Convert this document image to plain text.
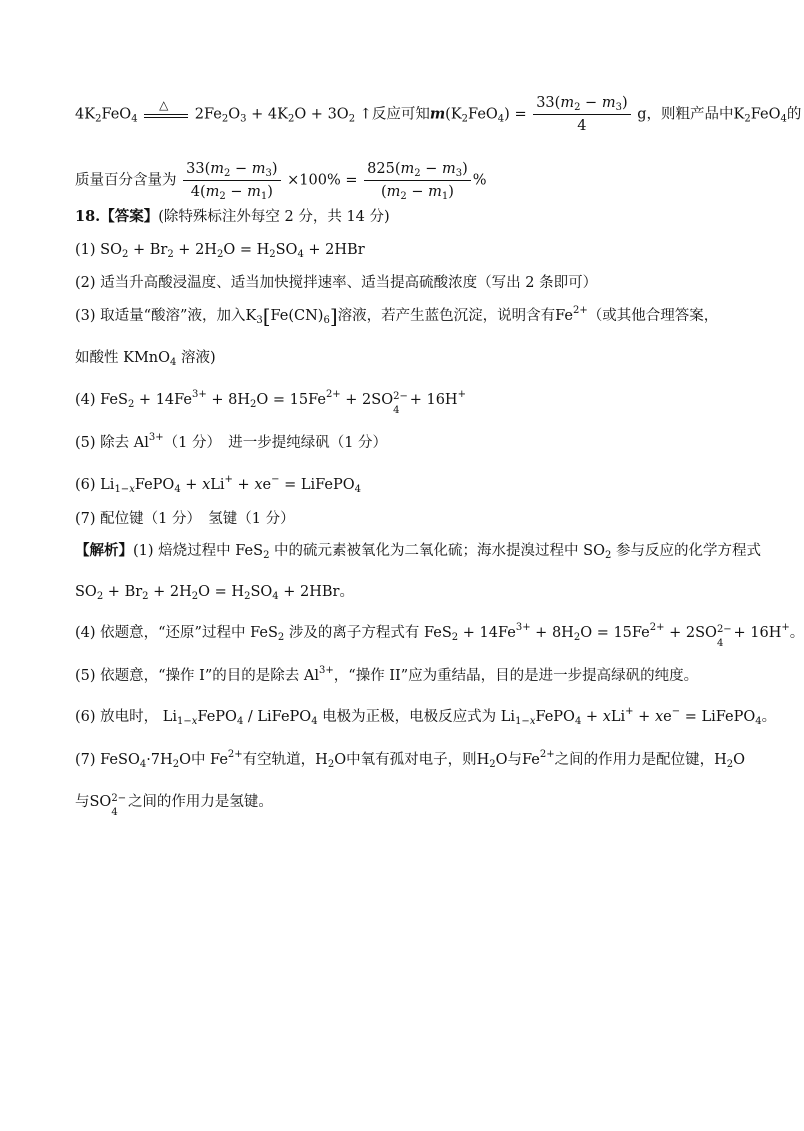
$4K_2FeO_4$
△
$2Fe_2O_3 + 4K_2O + 3O_2$ ↑反应可知$m(K_2FeO_4) = \frac{33(m_2 - m_3)}{4}$ g，则粗产品中$K_2FeO_4$的
质量百分含量为 $\frac{33(m_2 - m_3)}{4(m_2 - m_1)} \times 100\% = \frac{825(m_2 - m_3)}{(m_2 - m_1)}$ %
18.【答案】(除特殊标注外每空 2 分，共 14 分)
(1) $SO_2 + Br_2 + 2H_2O = H_2SO_4 + 2HBr$
(2) 适当升高酸浸温度、适当加快搅拌速率、适当提高硫酸浓度（写出 2 条即可）
(3) 取适量“酸溶”液，加入$K_3[Fe(CN)_6]$溶液，若产生蓝色沉淀，说明含有$Fe^{2+}$（或其他合理答案，
如酸性 KMnO$_4$ 溶液)
(4) $FeS_2 + 14Fe^{3+} + 8H_2O = 15Fe^{2+} + 2SO$ 2−
4
+ 16H+
(5) 除去 $Al^{3+}(1$ 分）　进一步提纯绿矾（1 分）
(6) $Li_{1-x}FePO_4 + xLi^+ + xe^-$ = LiFePO$_4$
(7) 配位键（1 分）　氢键（1 分）
【解析】(1) 焙烧过程中 FeS$_2$ 中的硫元素被氧化为二氧化硫；海水提溴过程中 $SO_2$ 参与反应的化学方程式
$SO_2 + Br_2 + 2H_2O = H_2SO_4 + 2HBr$。
(4) 依题意，“还原”过程中 FeS$_2$ 涉及的离子方程式有 $FeS_2 + 14Fe^{3+} + 8H_2O = 15Fe^{2+} + 2SO$ 2−
4
+ 16H+。
(5) 依题意，“操作 I”的目的是除去 $Al^{3+}$，“操作 II”应为重结晶，目的是进一步提高绿矾的纯度。
(6) 放电时， $Li_{1-x}FePO_4$ / LiFePO$_4$ 电极为正极，电极反应式为 $Li_{1-x}FePO_4 + xLi^+ + xe^-$ = LiFePO$_4$。
(7) $FeSO_4\cdot 7H_2O$中 $Fe^{2+}$有空轨道，$H_2O$中氧有孤对电子，则$H_2O$与$Fe^{2+}$之间的作用力是配位键，$H_2O$
与SO 2−
4
之间的作用力是氢键。
